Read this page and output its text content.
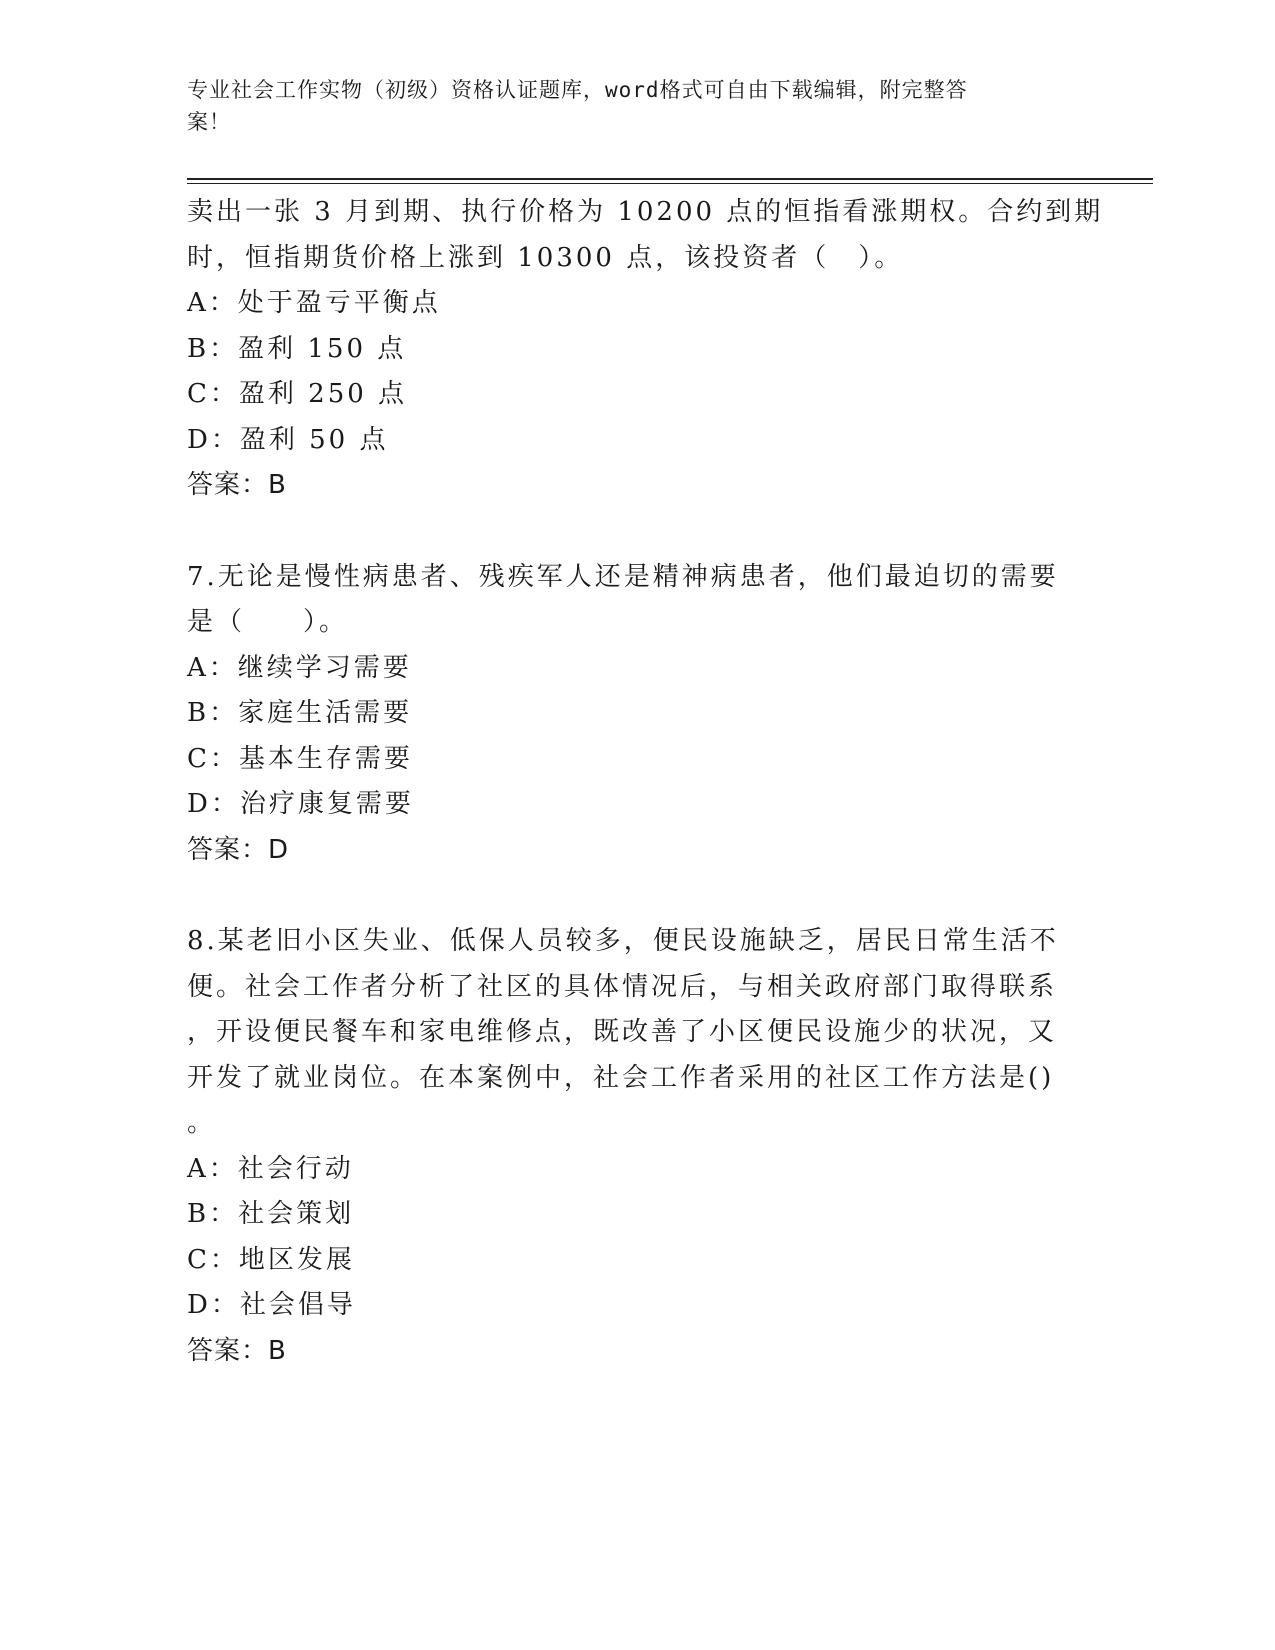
专业社会工作实物（初级）资格认证题库，word格式可自由下载编辑，附完整答
案！
卖出一张 3 月到期、执行价格为 10200 点的恒指看涨期权。合约到期
时，恒指期货价格上涨到 10300 点，该投资者（　）。
A：处于盈亏平衡点
B：盈利 150 点
C：盈利 250 点
D：盈利 50 点
答案：B
7.无论是慢性病患者、残疾军人还是精神病患者，他们最迫切的需要
是（　　）。
A：继续学习需要
B：家庭生活需要
C：基本生存需要
D：治疗康复需要
答案：D
8.某老旧小区失业、低保人员较多，便民设施缺乏，居民日常生活不
便。社会工作者分析了社区的具体情况后，与相关政府部门取得联系
，开设便民餐车和家电维修点，既改善了小区便民设施少的状况，又
开发了就业岗位。在本案例中，社会工作者采用的社区工作方法是()
。
A：社会行动
B：社会策划
C：地区发展
D：社会倡导
答案：B
